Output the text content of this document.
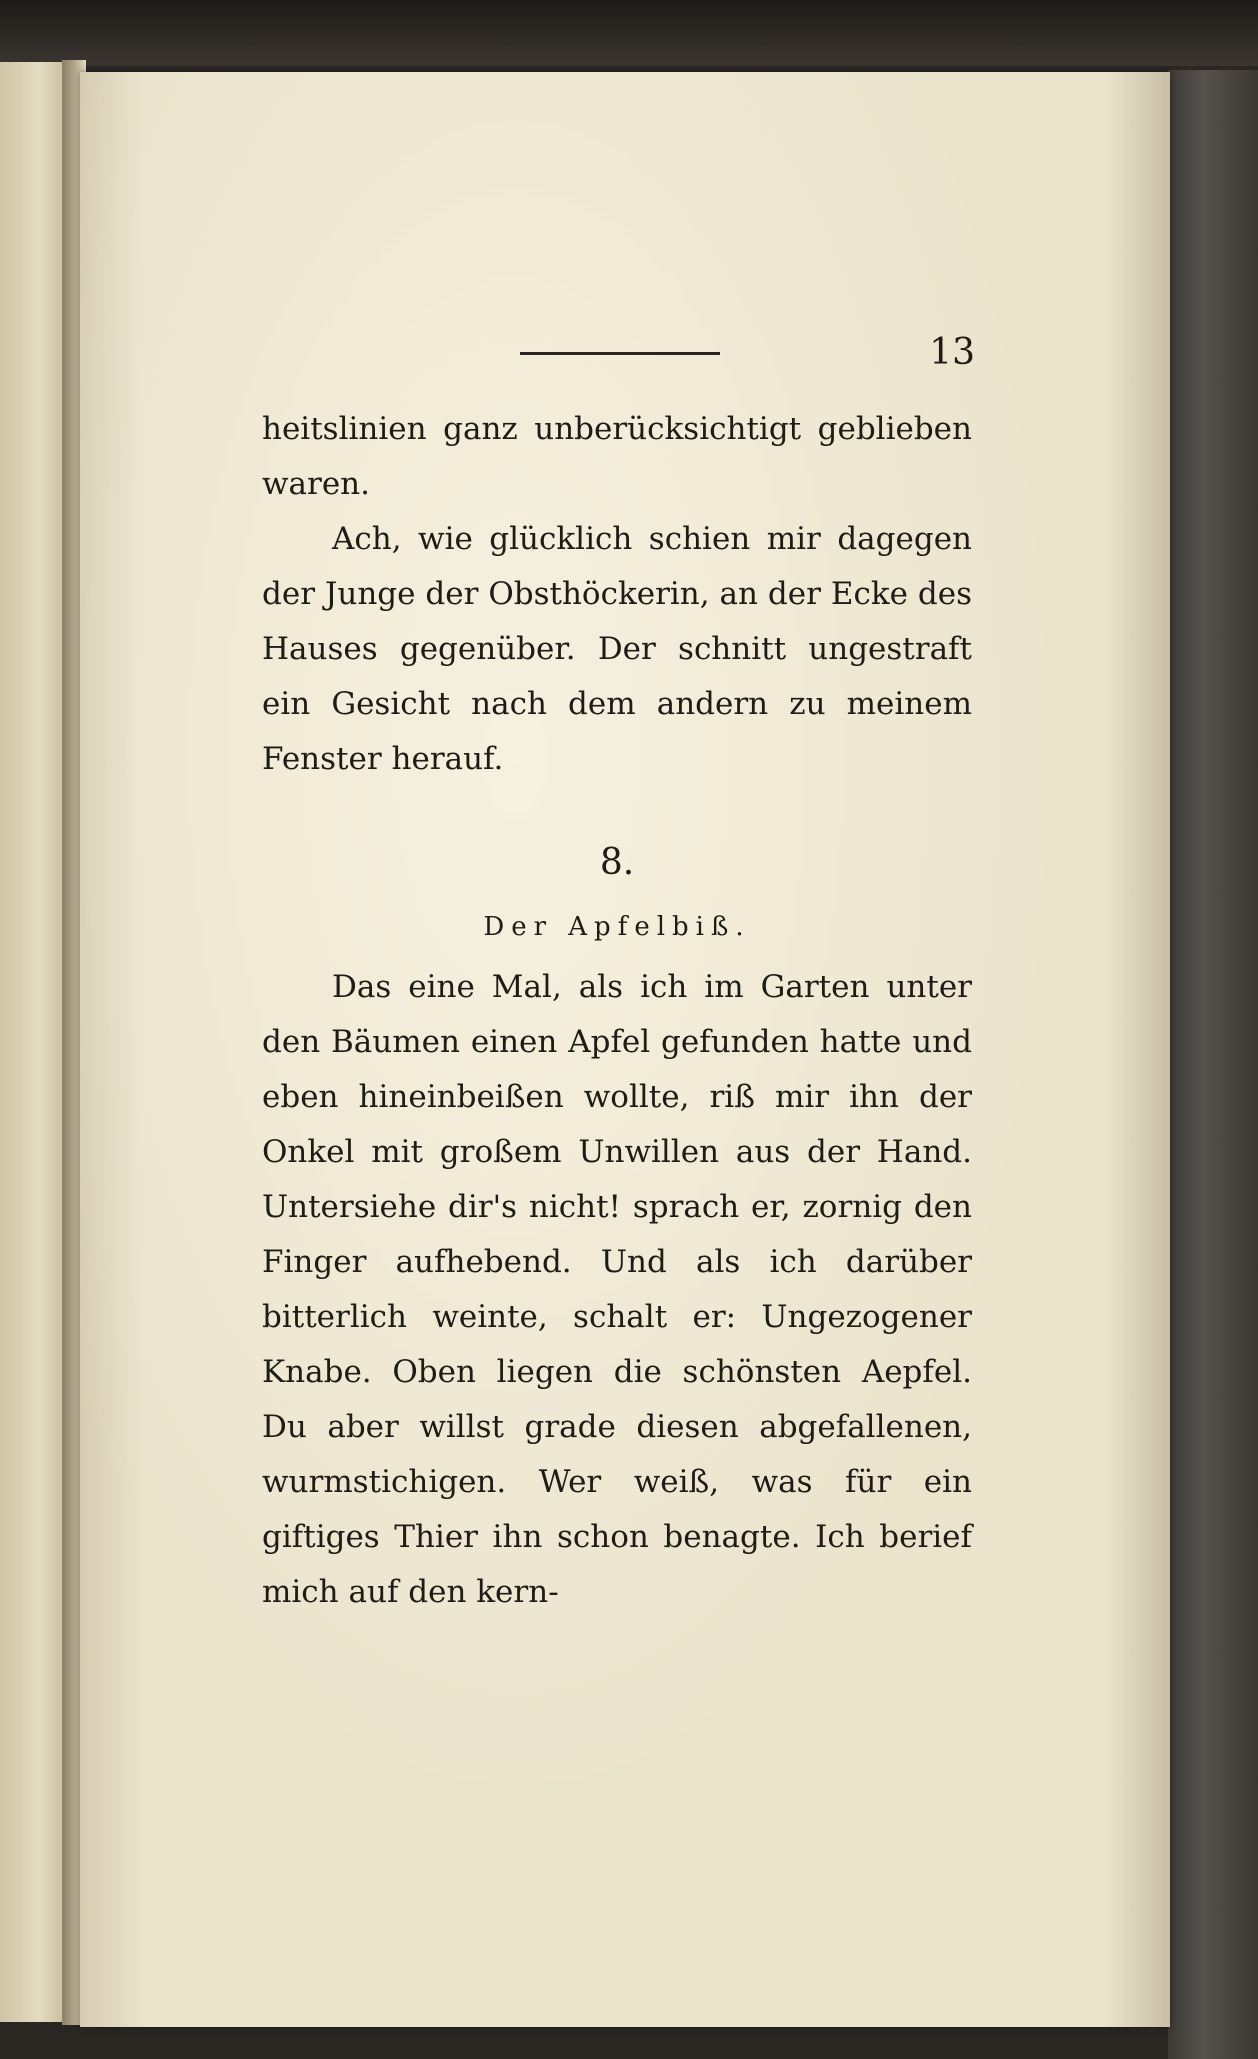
13

heitslinien ganz unberücksichtigt geblieben waren.

Ach, wie glücklich schien mir dagegen der Junge der Obsthöckerin, an der Ecke des Hauses gegenüber. Der schnitt ungestraft ein Gesicht nach dem andern zu meinem Fenster herauf.

8.
Der Apfelbiß.

Das eine Mal, als ich im Garten unter den Bäumen einen Apfel gefunden hatte und eben hineinbeißen wollte, riß mir ihn der Onkel mit großem Unwillen aus der Hand. Untersiehe dir's nicht! sprach er, zornig den Finger aufhebend. Und als ich darüber bitterlich weinte, schalt er: Ungezogener Knabe. Oben liegen die schönsten Aepfel. Du aber willst grade diesen abgefallenen, wurmstichigen. Wer weiß, was für ein giftiges Thier ihn schon benagte. Ich berief mich auf den kern-
